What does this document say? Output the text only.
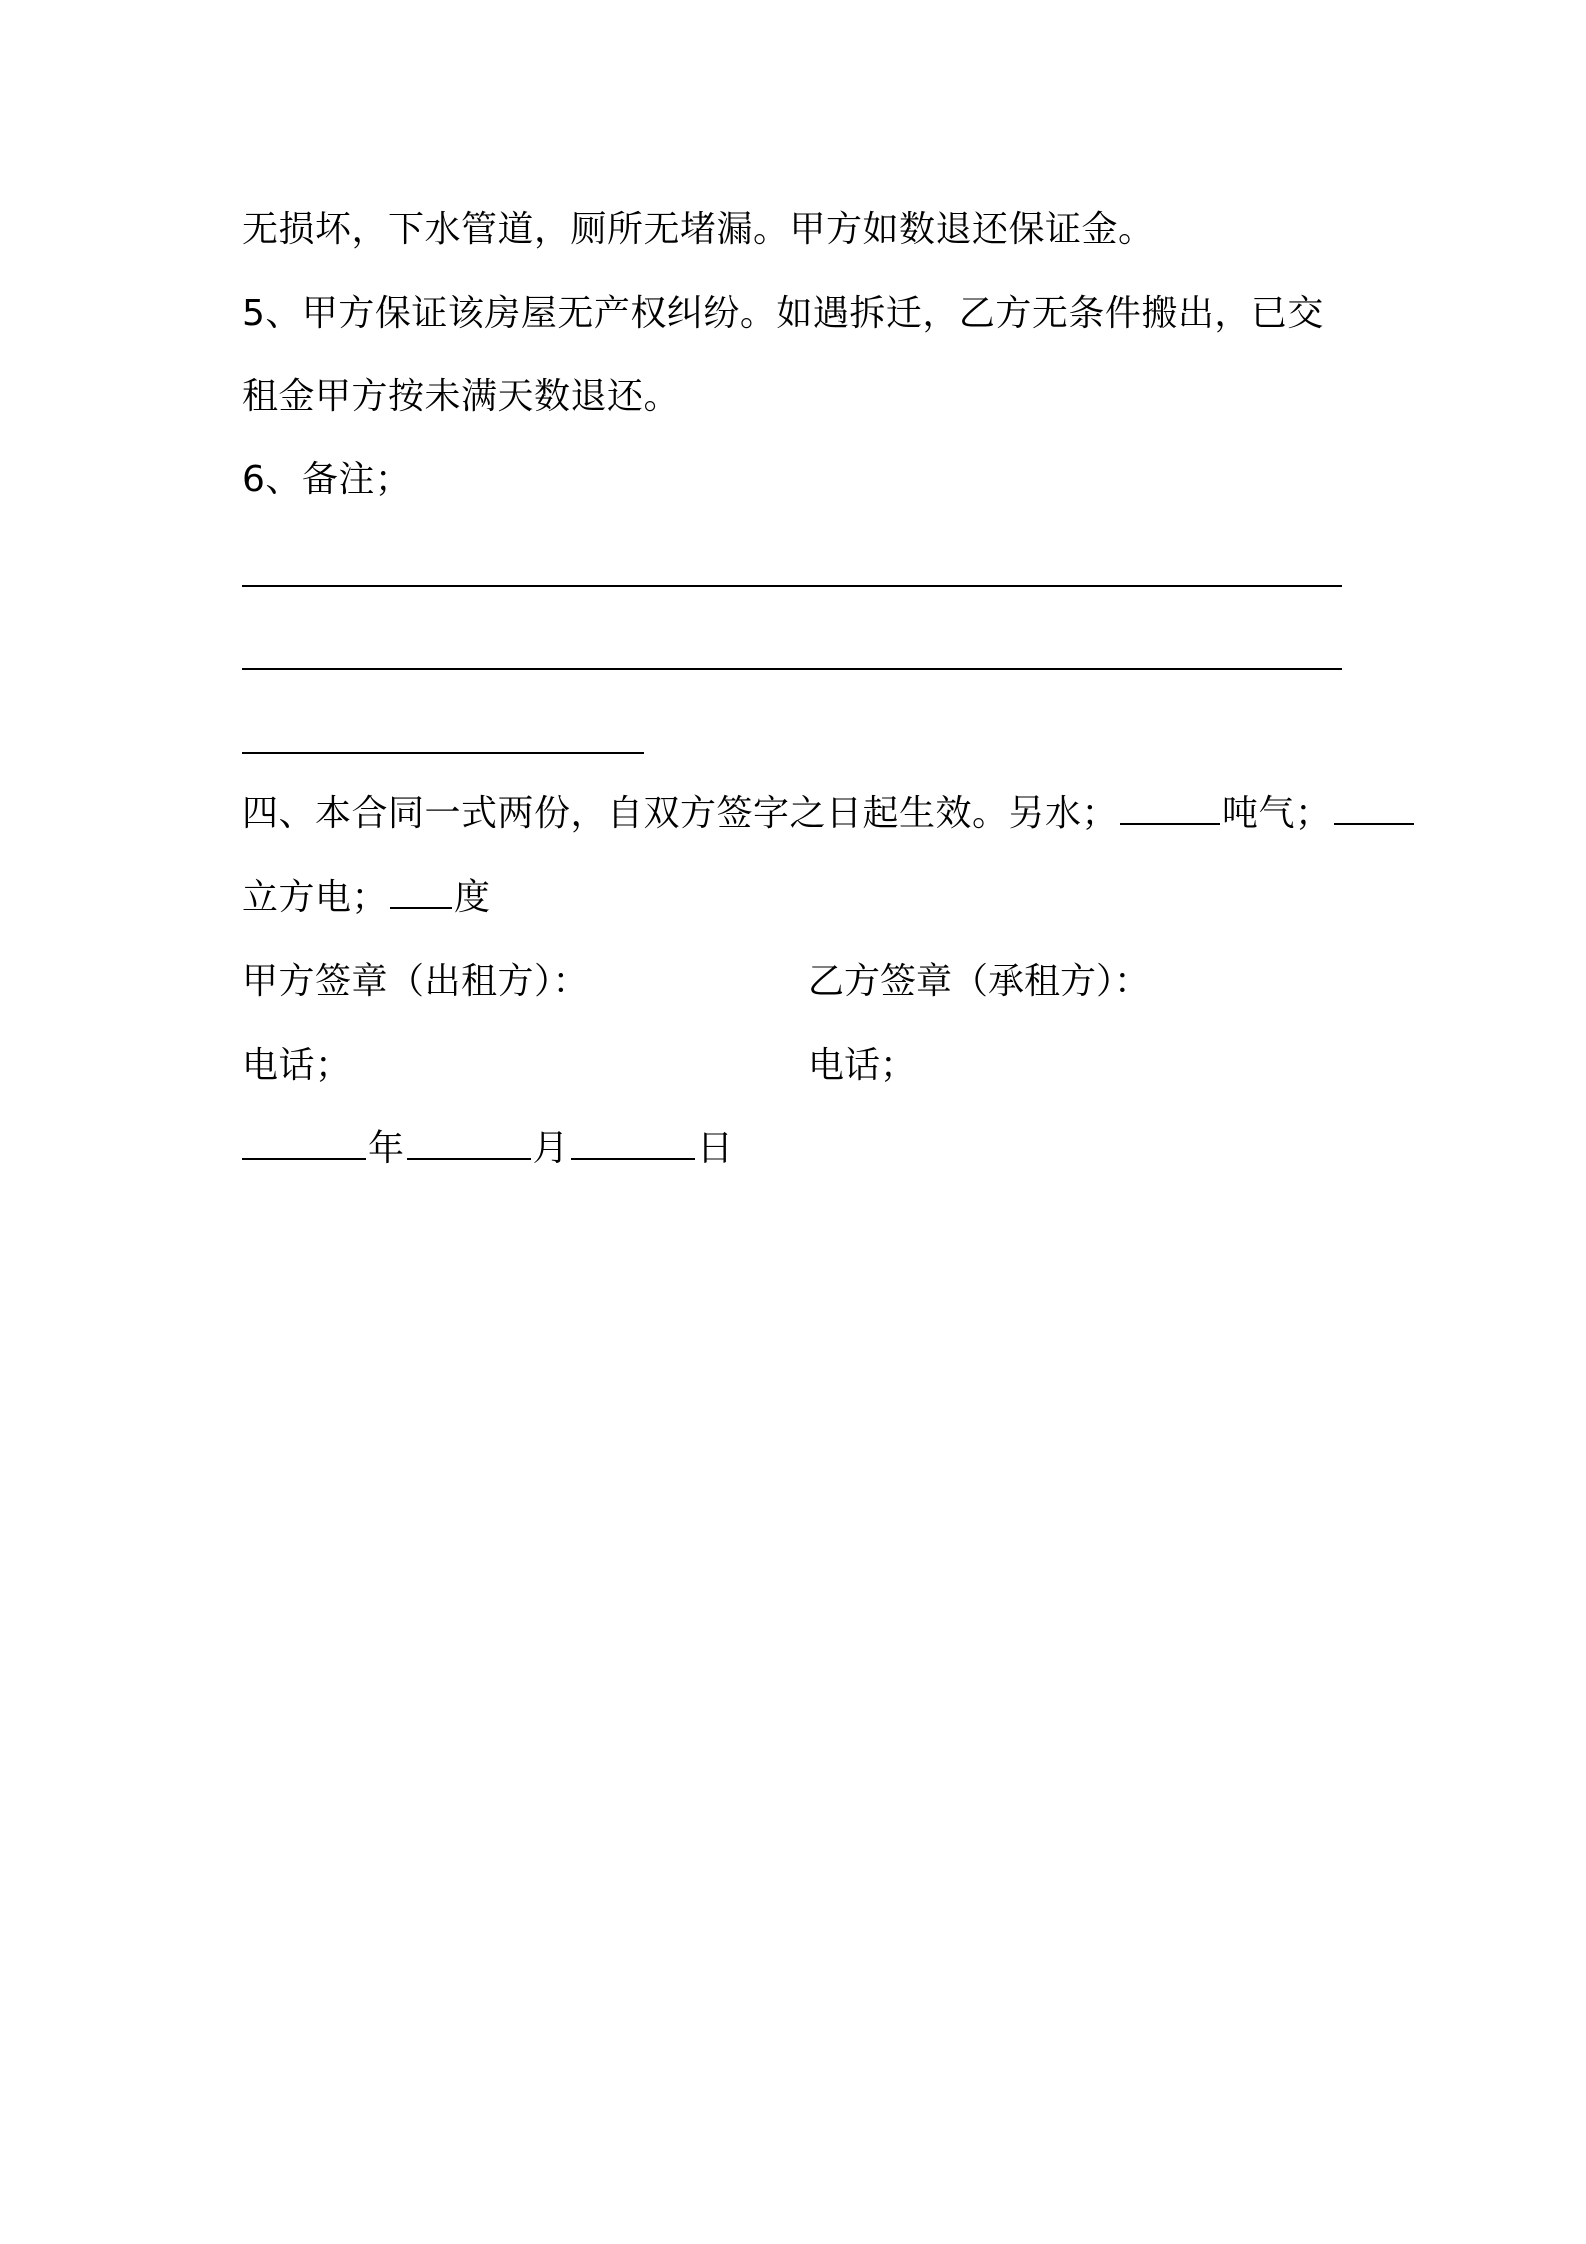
无损坏，下水管道，厕所无堵漏。甲方如数退还保证金。
5、甲方保证该房屋无产权纠纷。如遇拆迁，乙方无条件搬出，已交
租金甲方按未满天数退还。
6、备注；
四、本合同一式两份，自双方签字之日起生效。另水；	吨气；
立方电； 度
甲方签章（出租方）：	乙方签章（承租方）：
电话；	电话；
年	月	日
